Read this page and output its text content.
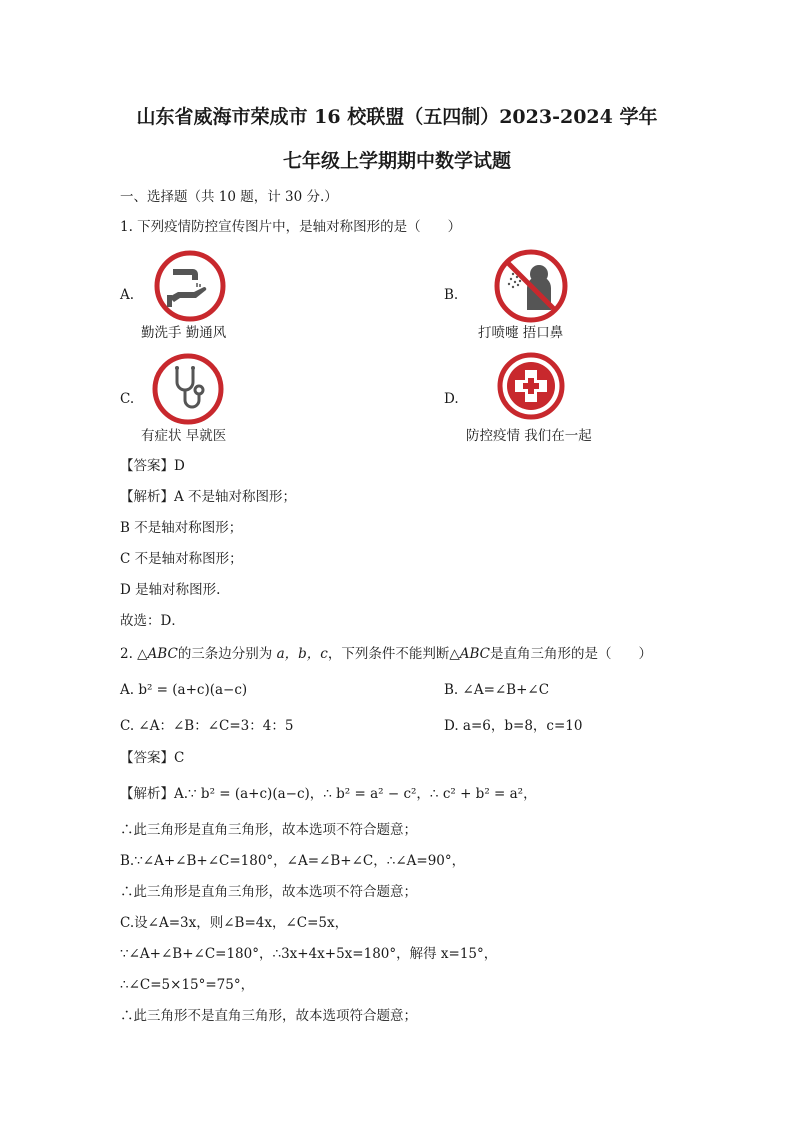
山东省威海市荣成市 16 校联盟（五四制）2023-2024 学年
七年级上学期期中数学试题
一、选择题（共 10 题，计 30 分.）
1. 下列疫情防控宣传图片中，是轴对称图形的是（　　）
A.
勤洗手 勤通风
B.
打喷嚏 捂口鼻
C.
有症状 早就医
D.
防控疫情 我们在一起
【答案】D
【解析】A 不是轴对称图形；
B 不是轴对称图形；
C 不是轴对称图形；
D 是轴对称图形.
故选：D．
2. △ABC的三条边分别为 a，b，c，下列条件不能判断△ABC是直角三角形的是（　　）
A. b² = (a+c)(a−c)	B. ∠A=∠B+∠C
C. ∠A：∠B：∠C=3：4：5	D. a=6，b=8，c=10
【答案】C
【解析】A.∵ b² = (a+c)(a−c)，∴ b² = a² − c²，∴ c² + b² = a²，
∴此三角形是直角三角形，故本选项不符合题意；
B.∵∠A+∠B+∠C=180°，∠A=∠B+∠C，∴∠A=90°，
∴此三角形是直角三角形，故本选项不符合题意；
C.设∠A=3x，则∠B=4x，∠C=5x，
∵∠A+∠B+∠C=180°，∴3x+4x+5x=180°，解得 x=15°，
∴∠C=5×15°=75°，
∴此三角形不是直角三角形，故本选项符合题意；
